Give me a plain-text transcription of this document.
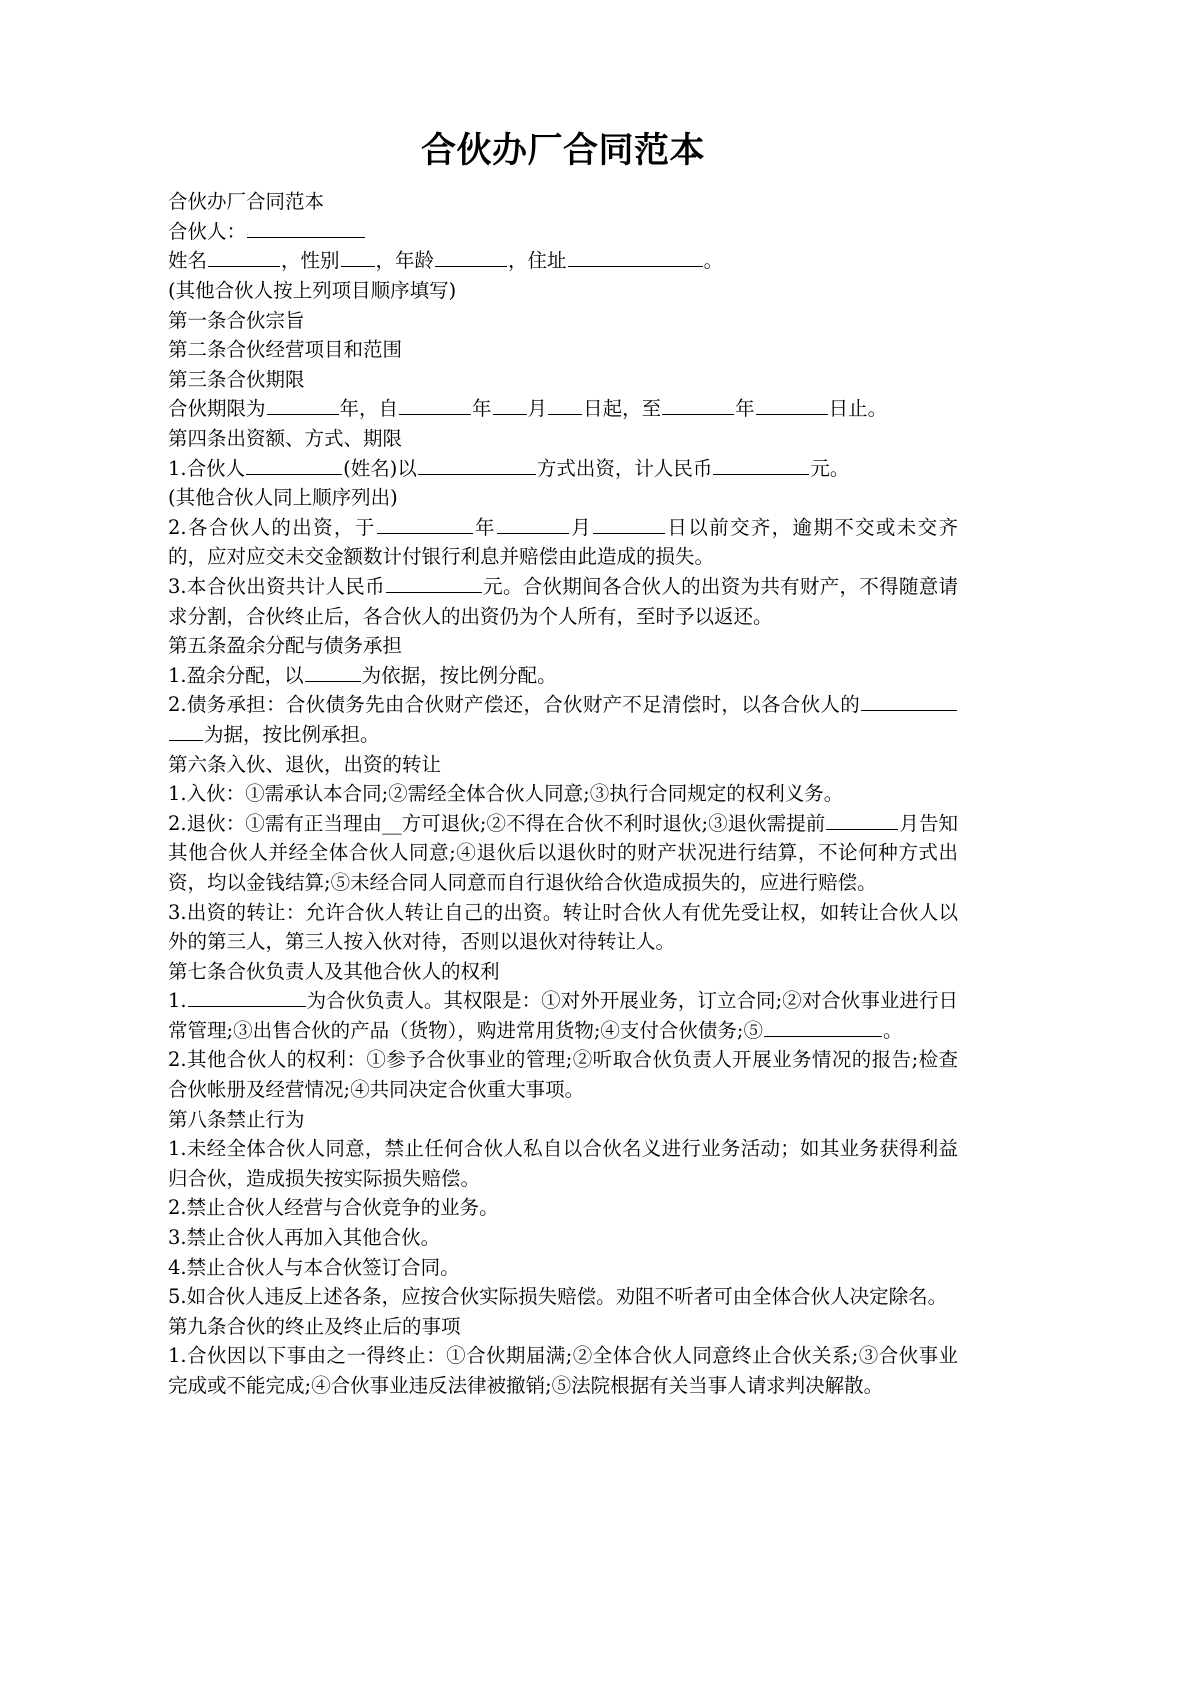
合伙办厂合同范本

合伙办厂合同范本

合伙人：

姓名	，性别 ，年龄	，住址	。

(其他合伙人按上列项目顺序填写)

第一条合伙宗旨

第二条合伙经营项目和范围

第三条合伙期限

合伙期限为	年，自	年 月 日起，至	年	日止。

第四条出资额、方式、期限

1.合伙人	(姓名)以	方式出资，计人民币	元。

(其他合伙人同上顺序列出)

2.各合伙人的出资，于	年	月	日以前交齐，逾期不交或未交齐的，应对应交未交金额数计付银行利息并赔偿由此造成的损失。

3.本合伙出资共计人民币	元。合伙期间各合伙人的出资为共有财产，不得随意请求分割，合伙终止后，各合伙人的出资仍为个人所有，至时予以返还。

第五条盈余分配与债务承担

1.盈余分配，以	为依据，按比例分配。

2.债务承担：合伙债务先由合伙财产偿还，合伙财产不足清偿时，以各合伙人的为据，按比例承担。

第六条入伙、退伙，出资的转让

1.入伙：①需承认本合同;②需经全体合伙人同意;③执行合同规定的权利义务。

2.退伙：①需有正当理由__方可退伙;②不得在合伙不利时退伙;③退伙需提前	月告知其他合伙人并经全体合伙人同意;④退伙后以退伙时的财产状况进行结算，不论何种方式出资，均以金钱结算;⑤未经合同人同意而自行退伙给合伙造成损失的，应进行赔偿。

3.出资的转让：允许合伙人转让自己的出资。转让时合伙人有优先受让权，如转让合伙人以外的第三人，第三人按入伙对待，否则以退伙对待转让人。

第七条合伙负责人及其他合伙人的权利

1.	为合伙负责人。其权限是：①对外开展业务，订立合同;②对合伙事业进行日常管理;③出售合伙的产品（货物），购进常用货物;④支付合伙债务;⑤	。

2.其他合伙人的权利：①参予合伙事业的管理;②听取合伙负责人开展业务情况的报告;检查合伙帐册及经营情况;④共同决定合伙重大事项。

第八条禁止行为

1.未经全体合伙人同意，禁止任何合伙人私自以合伙名义进行业务活动；如其业务获得利益归合伙，造成损失按实际损失赔偿。

2.禁止合伙人经营与合伙竞争的业务。

3.禁止合伙人再加入其他合伙。

4.禁止合伙人与本合伙签订合同。

5.如合伙人违反上述各条，应按合伙实际损失赔偿。劝阻不听者可由全体合伙人决定除名。

第九条合伙的终止及终止后的事项

1.合伙因以下事由之一得终止：①合伙期届满;②全体合伙人同意终止合伙关系;③合伙事业完成或不能完成;④合伙事业违反法律被撤销;⑤法院根据有关当事人请求判决解散。
